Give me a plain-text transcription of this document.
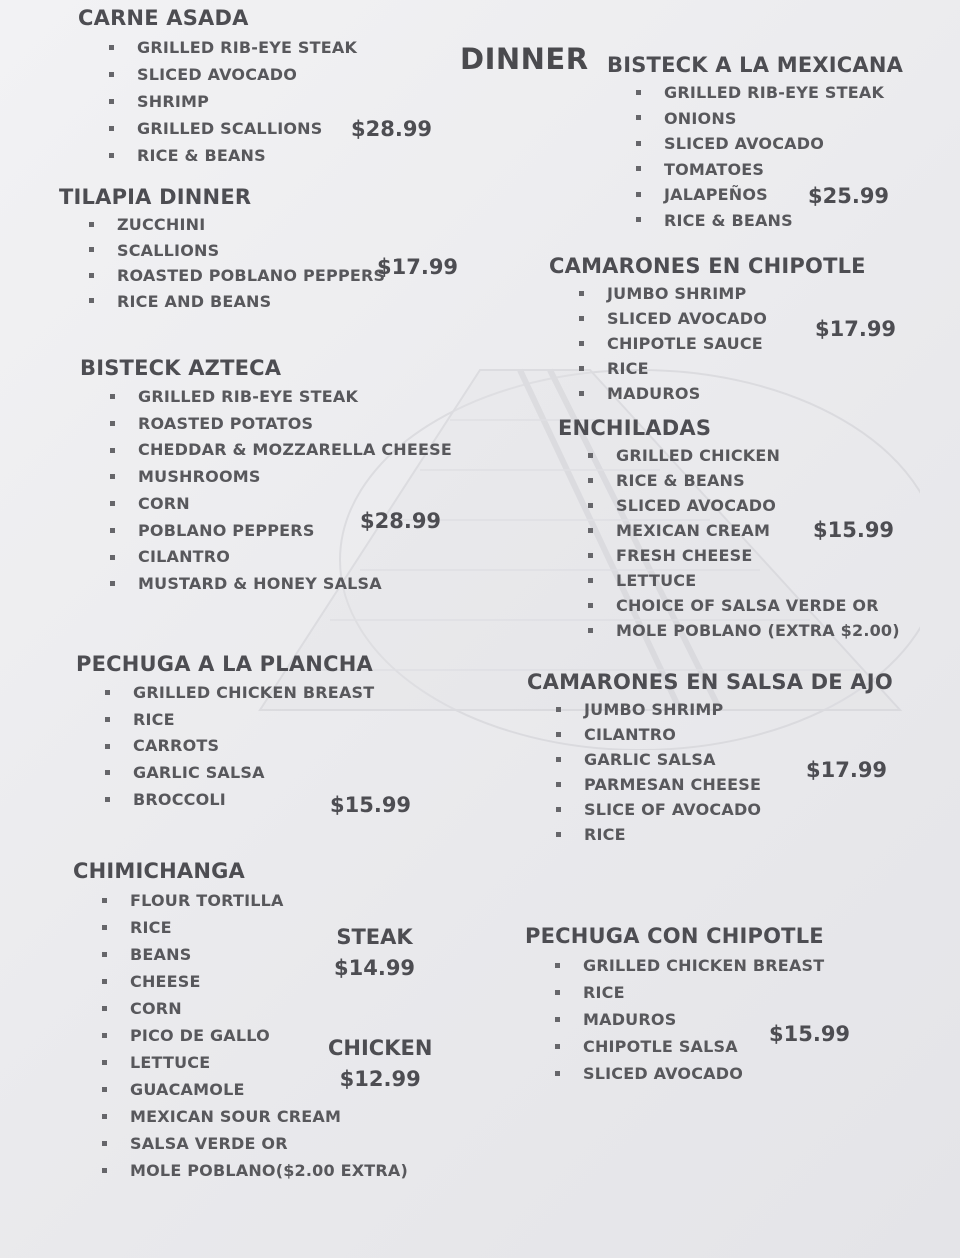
DINNER
CARNE ASADA
GRILLED RIB-EYE STEAK
SLICED AVOCADO
SHRIMP
GRILLED SCALLIONS
RICE & BEANS
$28.99
TILAPIA DINNER
ZUCCHINI
SCALLIONS
ROASTED POBLANO PEPPERS
RICE AND BEANS
$17.99
BISTECK AZTECA
GRILLED RIB-EYE STEAK
ROASTED POTATOS
CHEDDAR & MOZZARELLA CHEESE
MUSHROOMS
CORN
POBLANO PEPPERS
CILANTRO
MUSTARD & HONEY SALSA
$28.99
PECHUGA A LA PLANCHA
GRILLED CHICKEN BREAST
RICE
CARROTS
GARLIC SALSA
BROCCOLI	$15.99
CHIMICHANGA
FLOUR TORTILLA
RICE
BEANS
CHEESE
CORN
PICO DE GALLO
LETTUCE
GUACAMOLE
MEXICAN SOUR CREAM
SALSA VERDE OR
MOLE POBLANO($2.00 EXTRA)
STEAK
$14.99
CHICKEN
$12.99
BISTECK A LA MEXICANA
GRILLED RIB-EYE STEAK
ONIONS
SLICED AVOCADO
TOMATOES
JALAPEÑOS
RICE & BEANS
$25.99
CAMARONES EN CHIPOTLE
JUMBO SHRIMP
SLICED AVOCADO
CHIPOTLE SAUCE
RICE
MADUROS
$17.99
ENCHILADAS
GRILLED CHICKEN
RICE & BEANS
SLICED AVOCADO
MEXICAN CREAM
FRESH CHEESE
LETTUCE
CHOICE OF SALSA VERDE OR
MOLE POBLANO (EXTRA $2.00)
$15.99
CAMARONES EN SALSA DE AJO
JUMBO SHRIMP
CILANTRO
GARLIC SALSA
PARMESAN CHEESE
SLICE OF AVOCADO
RICE
$17.99
PECHUGA CON CHIPOTLE
GRILLED CHICKEN BREAST
RICE
MADUROS
CHIPOTLE SALSA
SLICED AVOCADO
$15.99
